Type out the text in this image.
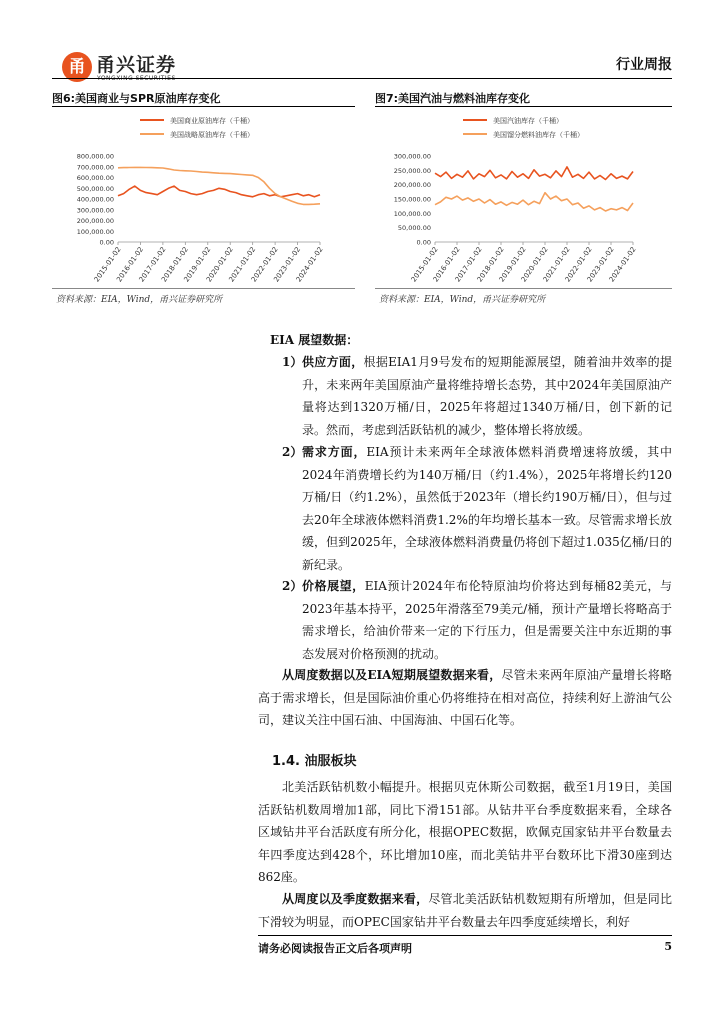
甬 甬兴证券
YONGXING SECURITIES
行业周报
图6:美国商业与SPR原油库存变化
美国商业原油库存（千桶）
美国战略原油库存（千桶）
800,000.00
700,000.00
600,000.00
500,000.00
400,000.00
300,000.00
200,000.00
100,000.00
0.00
2015-01-02
2016-01-02
2017-01-02
2018-01-02
2019-01-02
2020-01-02
2021-01-02
2022-01-02
2023-01-02
2024-01-02
资料来源：EIA，Wind，甬兴证券研究所
图7:美国汽油与燃料油库存变化
美国汽油库存（千桶）
美国馏分燃料油库存（千桶）
300,000.00
250,000.00
200,000.00
150,000.00
100,000.00
50,000.00
0.00
2015-01-02
2016-01-02
2017-01-02
2018-01-02
2019-01-02
2020-01-02
2021-01-02
2022-01-02
2023-01-02
2024-01-02
资料来源：EIA，Wind，甬兴证券研究所
EIA 展望数据：
1） 供应方面，根据EIA1月9号发布的短期能源展望，随着油井效率的提升，未来两年美国原油产量将维持增长态势，其中2024年美国原油产量将达到1320万桶/日，2025年将超过1340万桶/日，创下新的记录。然而，考虑到活跃钻机的减少，整体增长将放缓。
2） 需求方面，EIA预计未来两年全球液体燃料消费增速将放缓，其中2024年消费增长约为140万桶/日（约1.4%），2025年将增长约120万桶/日（约1.2%），虽然低于2023年（增长约190万桶/日），但与过去20年全球液体燃料消费1.2%的年均增长基本一致。尽管需求增长放缓，但到2025年，全球液体燃料消费量仍将创下超过1.035亿桶/日的新纪录。
2） 价格展望，EIA预计2024年布伦特原油均价将达到每桶82美元，与2023年基本持平，2025年滑落至79美元/桶，预计产量增长将略高于需求增长，给油价带来一定的下行压力，但是需要关注中东近期的事态发展对价格预测的扰动。
从周度数据以及EIA短期展望数据来看，尽管未来两年原油产量增长将略高于需求增长，但是国际油价重心仍将维持在相对高位，持续利好上游油气公司，建议关注中国石油、中国海油、中国石化等。
1.4. 油服板块
北美活跃钻机数小幅提升。根据贝克休斯公司数据，截至1月19日，美国活跃钻机数周增加1部，同比下滑151部。从钻井平台季度数据来看，全球各区域钻井平台活跃度有所分化，根据OPEC数据，欧佩克国家钻井平台数量去年四季度达到428个，环比增加10座，而北美钻井平台数环比下滑30座到达862座。
从周度以及季度数据来看，尽管北美活跃钻机数短期有所增加，但是同比下滑较为明显，而OPEC国家钻井平台数量去年四季度延续增长，利好
请务必阅读报告正文后各项声明	5
